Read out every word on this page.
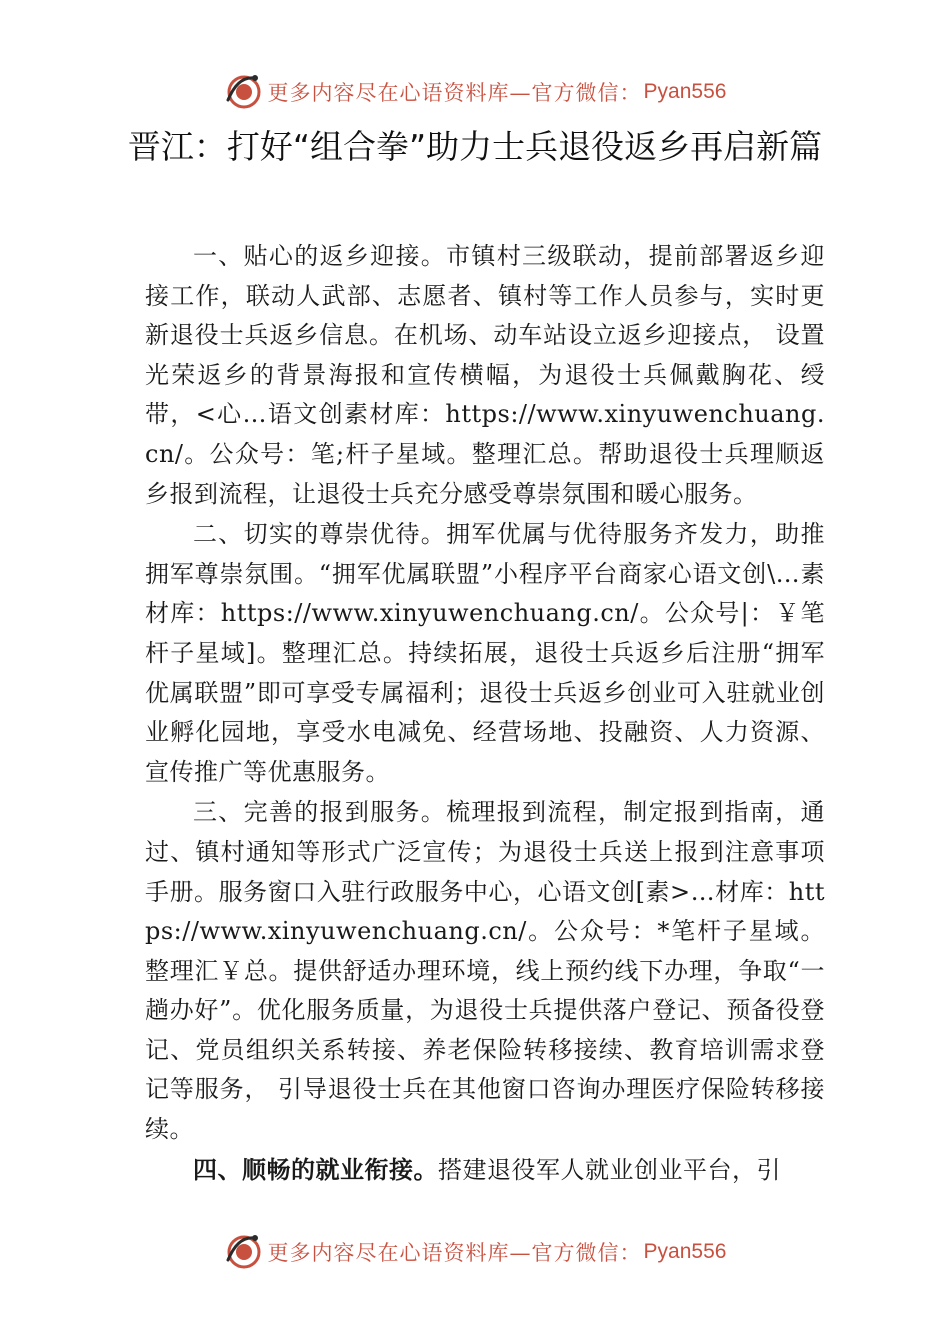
更多内容尽在心语资料库—官方微信： Pyan556
晋江：打好“组合拳”助力士兵退役返乡再启新篇

一、贴心的返乡迎接。市镇村三级联动，提前部署返乡迎接工作，联动人武部、志愿者、镇村等工作人员参与，实时更新退役士兵返乡信息。在机场、动车站设立返乡迎接点， 设置光荣返乡的背景海报和宣传横幅，为退役士兵佩戴胸花、绶带，<心…语文创素材库：https://www.xinyuwenchuang.cn/。公众号：笔;杆子星域。整理汇总。帮助退役士兵理顺返乡报到流程，让退役士兵充分感受尊崇氛围和暖心服务。

二、切实的尊崇优待。拥军优属与优待服务齐发力，助推拥军尊崇氛围。“拥军优属联盟”小程序平台商家心语文创\…素材库：https://www.xinyuwenchuang.cn/。公众号|：￥笔杆子星域]。整理汇总。持续拓展，退役士兵返乡后注册“拥军优属联盟”即可享受专属福利；退役士兵返乡创业可入驻就业创业孵化园地，享受水电减免、经营场地、投融资、人力资源、宣传推广等优惠服务。

三、完善的报到服务。梳理报到流程，制定报到指南，通过、镇村通知等形式广泛宣传；为退役士兵送上报到注意事项手册。服务窗口入驻行政服务中心，心语文创[素>…材库：https://www.xinyuwenchuang.cn/。公众号：*笔杆子星域。整理汇￥总。提供舒适办理环境，线上预约线下办理，争取“一趟办好”。优化服务质量，为退役士兵提供落户登记、预备役登记、党员组织关系转接、养老保险转移接续、教育培训需求登记等服务， 引导退役士兵在其他窗口咨询办理医疗保险转移接续。

四、顺畅的就业衔接。搭建退役军人就业创业平台，引

更多内容尽在心语资料库—官方微信： Pyan556
